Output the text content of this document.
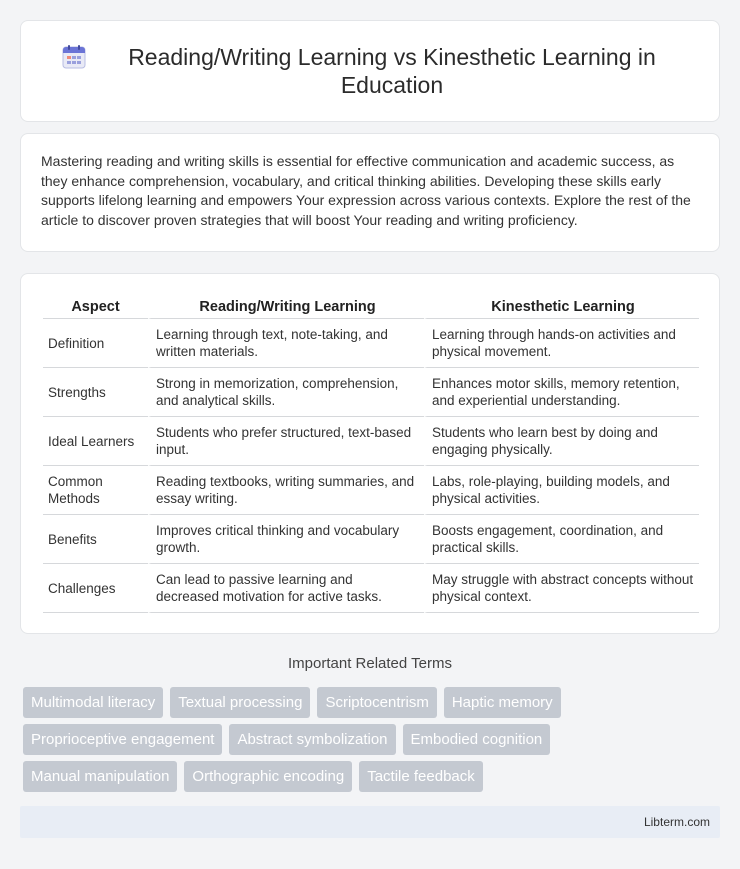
Reading/Writing Learning vs Kinesthetic Learning in Education

Mastering reading and writing skills is essential for effective communication and academic success, as they enhance comprehension, vocabulary, and critical thinking abilities. Developing these skills early supports lifelong learning and empowers Your expression across various contexts. Explore the rest of the article to discover proven strategies that will boost Your reading and writing proficiency.

Aspect	Reading/Writing Learning	Kinesthetic Learning
Definition	Learning through text, note-taking, and written materials.	Learning through hands-on activities and physical movement.
Strengths	Strong in memorization, comprehension, and analytical skills.	Enhances motor skills, memory retention, and experiential understanding.
Ideal Learners	Students who prefer structured, text-based input.	Students who learn best by doing and engaging physically.
Common Methods	Reading textbooks, writing summaries, and essay writing.	Labs, role-playing, building models, and physical activities.
Benefits	Improves critical thinking and vocabulary growth.	Boosts engagement, coordination, and practical skills.
Challenges	Can lead to passive learning and decreased motivation for active tasks.	May struggle with abstract concepts without physical context.
Important Related Terms
Multimodal literacy	Textual processing	Scriptocentrism	Haptic memory
Proprioceptive engagement	Abstract symbolization	Embodied cognition
Manual manipulation	Orthographic encoding	Tactile feedback
Libterm.com
